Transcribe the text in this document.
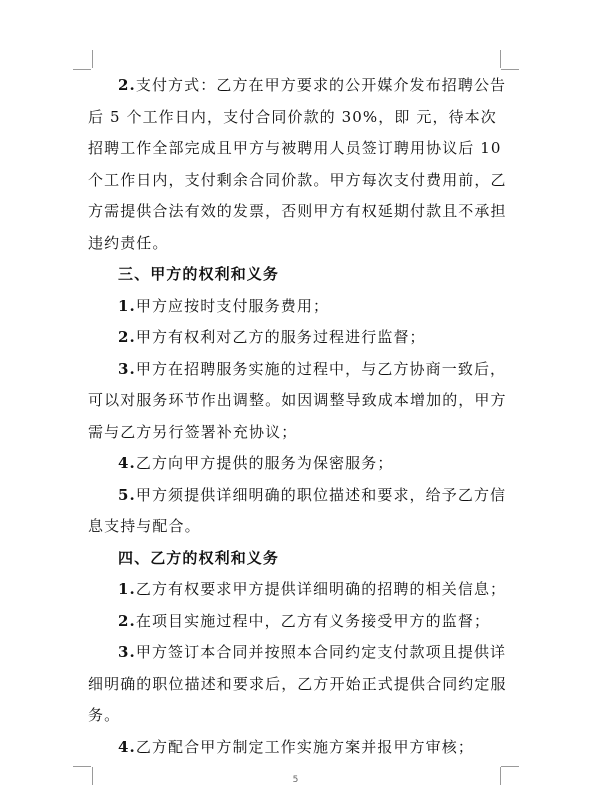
2.支付方式：乙方在甲方要求的公开媒介发布招聘公告
后 5 个工作日内，支付合同价款的 30%，即 元，待本次
招聘工作全部完成且甲方与被聘用人员签订聘用协议后 10
个工作日内，支付剩余合同价款。甲方每次支付费用前，乙
方需提供合法有效的发票，否则甲方有权延期付款且不承担
违约责任。

三、甲方的权利和义务

1.甲方应按时支付服务费用；

2.甲方有权利对乙方的服务过程进行监督；

3.甲方在招聘服务实施的过程中，与乙方协商一致后，
可以对服务环节作出调整。如因调整导致成本增加的，甲方
需与乙方另行签署补充协议；

4.乙方向甲方提供的服务为保密服务；

5.甲方须提供详细明确的职位描述和要求，给予乙方信
息支持与配合。

四、乙方的权利和义务

1.乙方有权要求甲方提供详细明确的招聘的相关信息；

2.在项目实施过程中，乙方有义务接受甲方的监督；

3.甲方签订本合同并按照本合同约定支付款项且提供详
细明确的职位描述和要求后，乙方开始正式提供合同约定服
务。

4.乙方配合甲方制定工作实施方案并报甲方审核；

5
